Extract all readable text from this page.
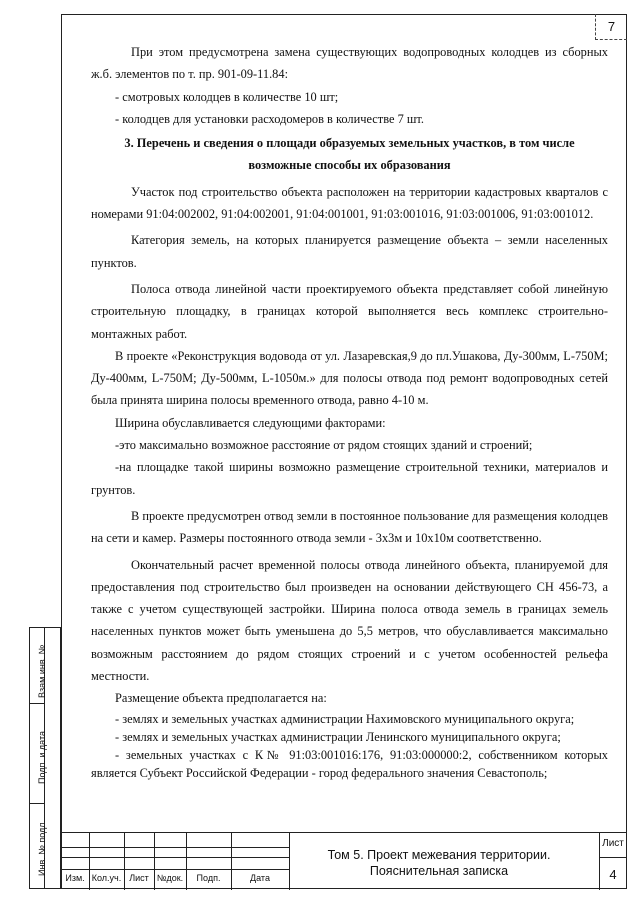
7

При этом предусмотрена замена существующих водопроводных колодцев из сборных ж.б. элементов по т. пр. 901-09-11.84:

- смотровых колодцев в количестве 10 шт;

- колодцев для установки расходомеров в количестве 7 шт.

3. Перечень и сведения о площади образуемых земельных участков, в том числе возможные способы их образования

Участок под строительство объекта расположен на территории кадастровых кварталов с номерами 91:04:002002, 91:04:002001, 91:04:001001, 91:03:001016, 91:03:001006, 91:03:001012.

Категория земель, на которых планируется размещение объекта – земли населенных пунктов.

Полоса отвода линейной части проектируемого объекта представляет собой линейную строительную площадку, в границах которой выполняется весь комплекс строительно-монтажных работ.

В проекте «Реконструкция водовода от ул. Лазаревская,9 до пл.Ушакова, Ду-300мм, L-750М; Ду-400мм, L-750М; Ду-500мм, L-1050м.» для полосы отвода под ремонт водопроводных сетей была принята ширина полосы временного отвода, равно 4-10 м.

Ширина обуславливается следующими факторами:

-это максимально возможное расстояние от рядом стоящих зданий и строений;

-на площадке такой ширины возможно размещение строительной техники, материалов и грунтов.

В проекте предусмотрен отвод земли в постоянное пользование для размещения колодцев на сети и камер. Размеры постоянного отвода земли - 3х3м и 10х10м соответственно.

Окончательный расчет временной полосы отвода линейного объекта, планируемой для предоставления под строительство был произведен на основании действующего СН 456-73, а также с учетом существующей застройки. Ширина полоса отвода земель в границах земель населенных пунктов может быть уменьшена до 5,5 метров, что обуславливается максимально возможным расстоянием до рядом стоящих строений и с учетом особенностей рельефа местности.

Размещение объекта предполагается на:

- землях и земельных участках администрации Нахимовского муниципального округа;

- землях и земельных участках администрации Ленинского муниципального округа;

- земельных участках с К№ 91:03:001016:176, 91:03:000000:2, собственником которых является Субъект Российской Федерации - город федерального значения Севастополь;

Взам.инв. №
Подп. и дата
Инв. № подл.
Изм. Кол.уч. Лист №док.	Подп.	Дата
Том 5. Проект межевания территории.
Пояснительная записка
Лист
4
